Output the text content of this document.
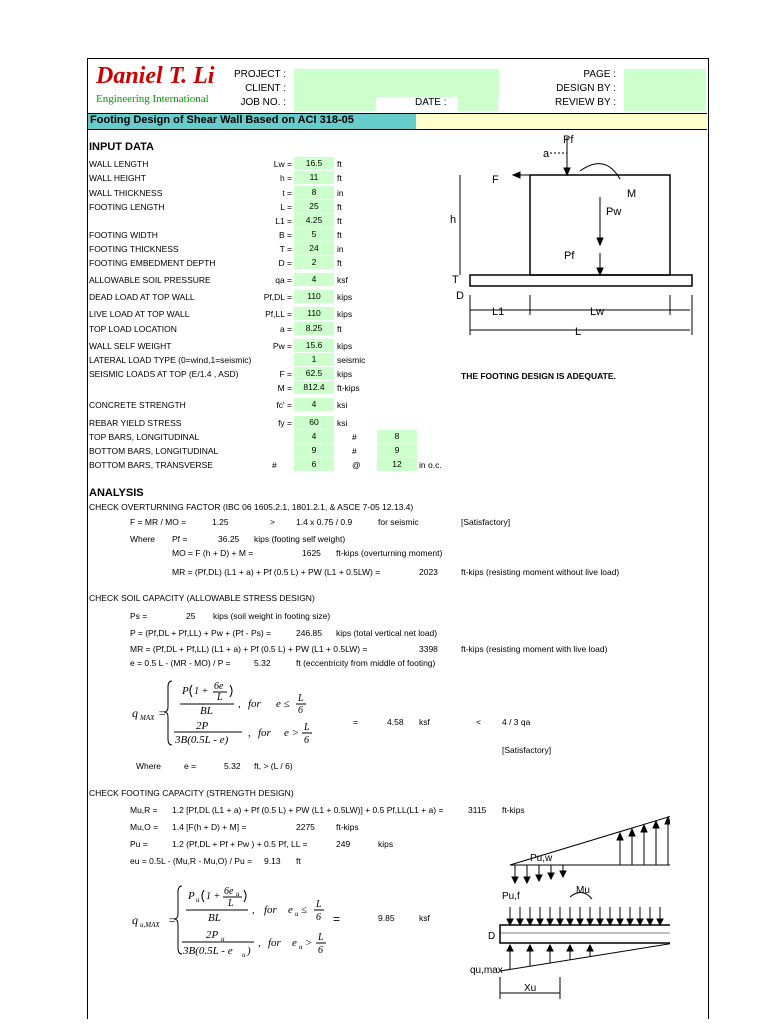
Daniel T. Li
Engineering International
PROJECT :
CLIENT :
JOB NO. :	DATE :
PAGE :
DESIGN BY :
REVIEW BY :
Footing Design of Shear Wall Based on ACI 318-05
INPUT DATA
WALL LENGTH	Lw =	16.5	ft
WALL HEIGHT	h =	11	ft
WALL THICKNESS	t =	8	in
FOOTING LENGTH	L =	25	ft
L1 =	4.25	ft
FOOTING WIDTH	B =	5	ft
FOOTING THICKNESS	T =	24	in
FOOTING EMBEDMENT DEPTH	D =	2	ft
ALLOWABLE SOIL PRESSURE	qa =	4	ksf
DEAD LOAD AT TOP WALL	Pf,DL =	110	kips
LIVE LOAD AT TOP WALL	Pf,LL =	110	kips
TOP LOAD LOCATION	a =	8.25	ft
WALL SELF WEIGHT	Pw =	15.6	kips
LATERAL LOAD TYPE (0=wind,1=seismic)	1	seismic
SEISMIC LOADS AT TOP (E/1.4 , ASD)	F =	62.5	kips
M =	812.4	ft-kips
CONCRETE STRENGTH	fc' =	4	ksi
REBAR YIELD STRESS	fy =	60	ksi
TOP BARS, LONGITUDINAL	4	#	8
BOTTOM BARS, LONGITUDINAL	9	#	9
BOTTOM BARS, TRANSVERSE	#	6	@	12	in o.c.
THE FOOTING DESIGN IS ADEQUATE.
Pf
a
F
M
h
Pw
Pf
T
D
L1	Lw
L
ANALYSIS
CHECK OVERTURNING FACTOR (IBC 06 1605.2.1, 1801.2.1, & ASCE 7-05 12.13.4)
F = MR / MO =	1.25	> 1.4 x 0.75 / 0.9	for seismic	[Satisfactory]
Where Pf =	36.25 kips (footing self weight)
MO = F (h + D) + M =	1625 ft-kips (overturning moment)
MR = (Pf,DL) (L1 + a) + Pf (0.5 L) + PW (L1 + 0.5LW) =	2023	ft-kips (resisting moment without live load)
CHECK SOIL CAPACITY (ALLOWABLE STRESS DESIGN)
Ps =	25 kips (soil weight in footing size)
P = (Pf,DL + Pf,LL) + Pw + (Pf - Ps) =	246.85 kips (total vertical net load)
MR = (Pf,DL + Pf,LL) (L1 + a) + Pf (0.5 L) + PW (L1 + 0.5LW) =	3398	ft-kips (resisting moment with live load)
e = 0.5 L - (MR - MO) / P =	5.32	ft (eccentricity from middle of footing)
q MAX =
P 1 + 6e
L
BL
, for e ≤ L
6
2P
3B(0.5L - e)
, for e > L
6
=	4.58 ksf	< 4 / 3 qa
[Satisfactory]
Where	e =	5.32 ft, > (L / 6)
CHECK FOOTING CAPACITY (STRENGTH DESIGN)
Mu,R = 1.2 [Pf,DL (L1 + a) + Pf (0.5 L) + PW (L1 + 0.5LW)] + 0.5 Pf,LL(L1 + a) =	3115 ft-kips
Mu,O = 1.4 [F(h + D) + M] =	2275 ft-kips
Pu =	1.2 (Pf,DL + Pf + Pw ) + 0.5 Pf, LL =	249	kips
eu = 0.5L - (Mu,R - Mu,O) / Pu = 9.13 ft
q u,MAX =
P u 1 + 6e u
L
BL
, for e u ≤ L
6
2P u
3B(0.5L - e u )
, for e u > L
6
=	9.85	ksf
Pu,w
Pu,f
Mu
D
qu,max
Xu
